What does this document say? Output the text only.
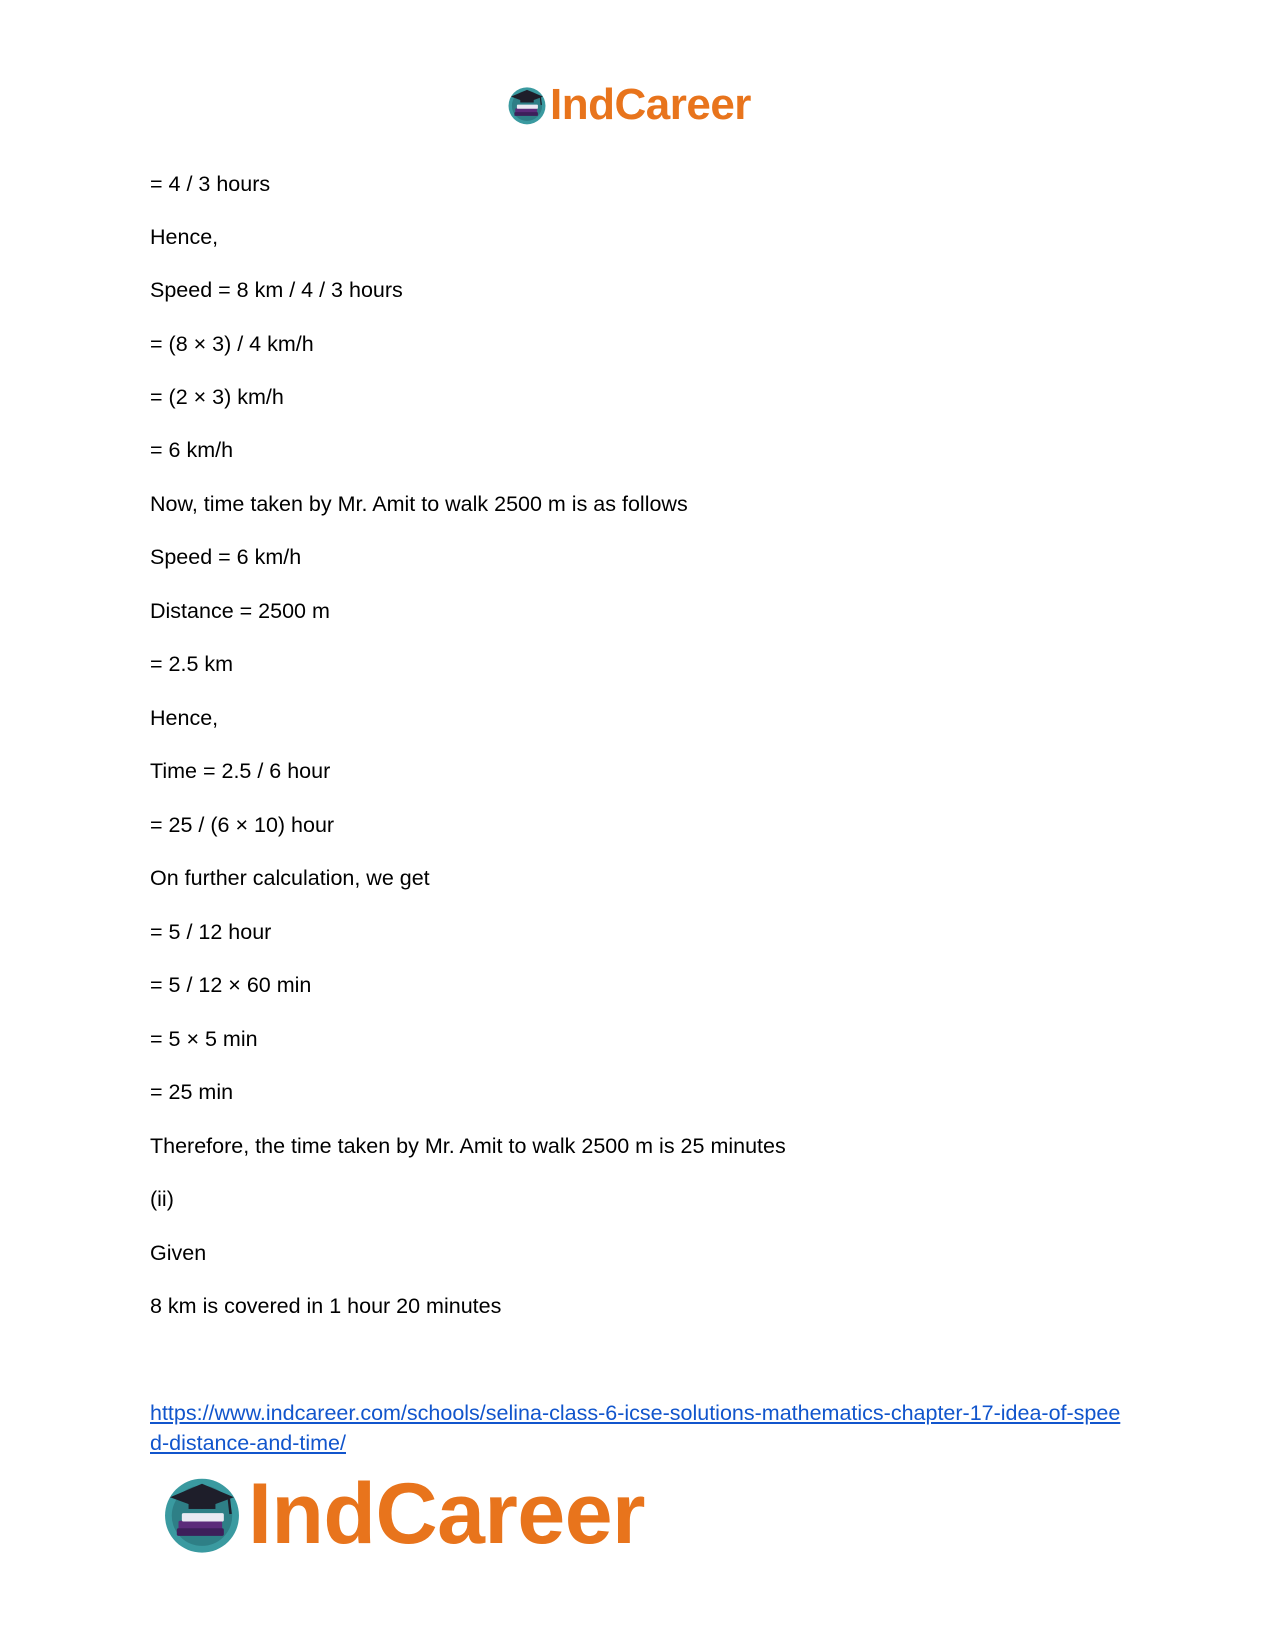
IndCareer
= 4 / 3 hours
Hence,
Speed = 8 km / 4 / 3 hours
= (8 × 3) / 4 km/h
= (2 × 3) km/h
= 6 km/h
Now, time taken by Mr. Amit to walk 2500 m is as follows
Speed = 6 km/h
Distance = 2500 m
= 2.5 km
Hence,
Time = 2.5 / 6 hour
= 25 / (6 × 10) hour
On further calculation, we get
= 5 / 12 hour
= 5 / 12 × 60 min
= 5 × 5 min
= 25 min
Therefore, the time taken by Mr. Amit to walk 2500 m is 25 minutes
(ii)
Given
8 km is covered in 1 hour 20 minutes
https://www.indcareer.com/schools/selina-class-6-icse-solutions-mathematics-chapter-17-idea-of-speed-distance-and-time/
IndCareer
